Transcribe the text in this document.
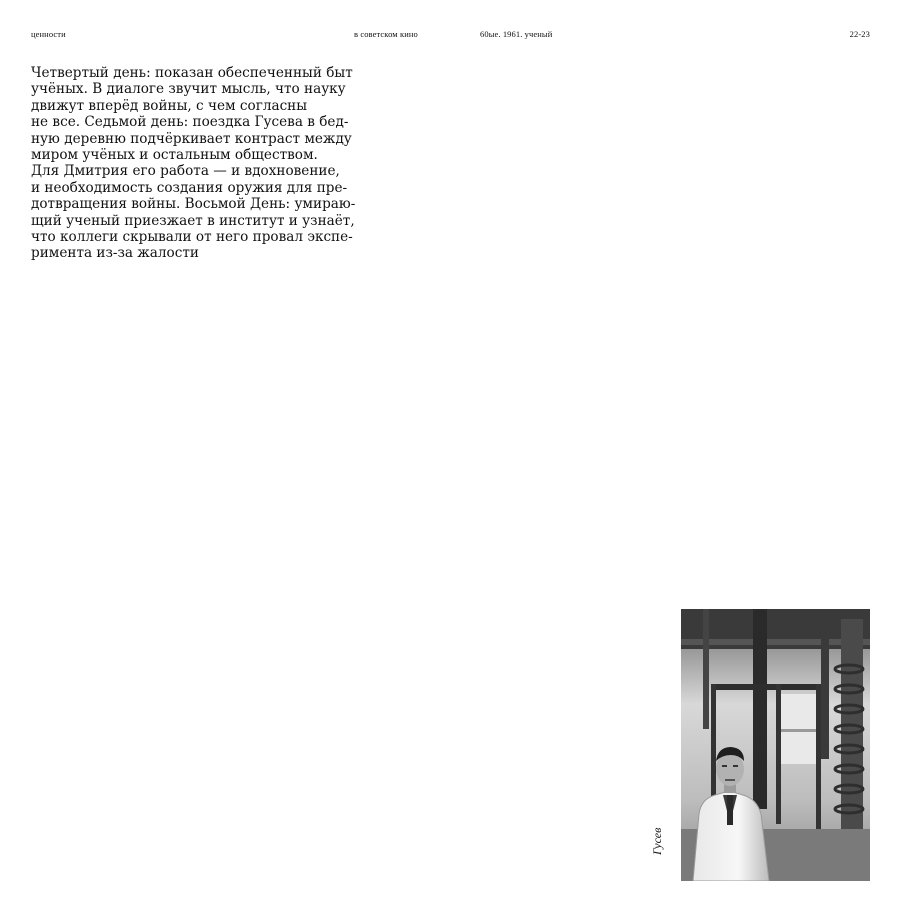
ценности	в советском кино	60ые. 1961. ученый	22-23
Четвертый день: показан обеспеченный быт
учёных. В диалоге звучит мысль, что науку
движут вперёд войны, с чем согласны
не все. Седьмой день: поездка Гусева в бед-
ную деревню подчёркивает контраст между
миром учёных и остальным обществом.
Для Дмитрия его работа — и вдохновение,
и необходимость создания оружия для пре-
дотвращения войны. Восьмой День: умираю-
щий ученый приезжает в институт и узнаёт,
что коллеги скрывали от него провал экспе-
римента из-за жалости
Гусев
